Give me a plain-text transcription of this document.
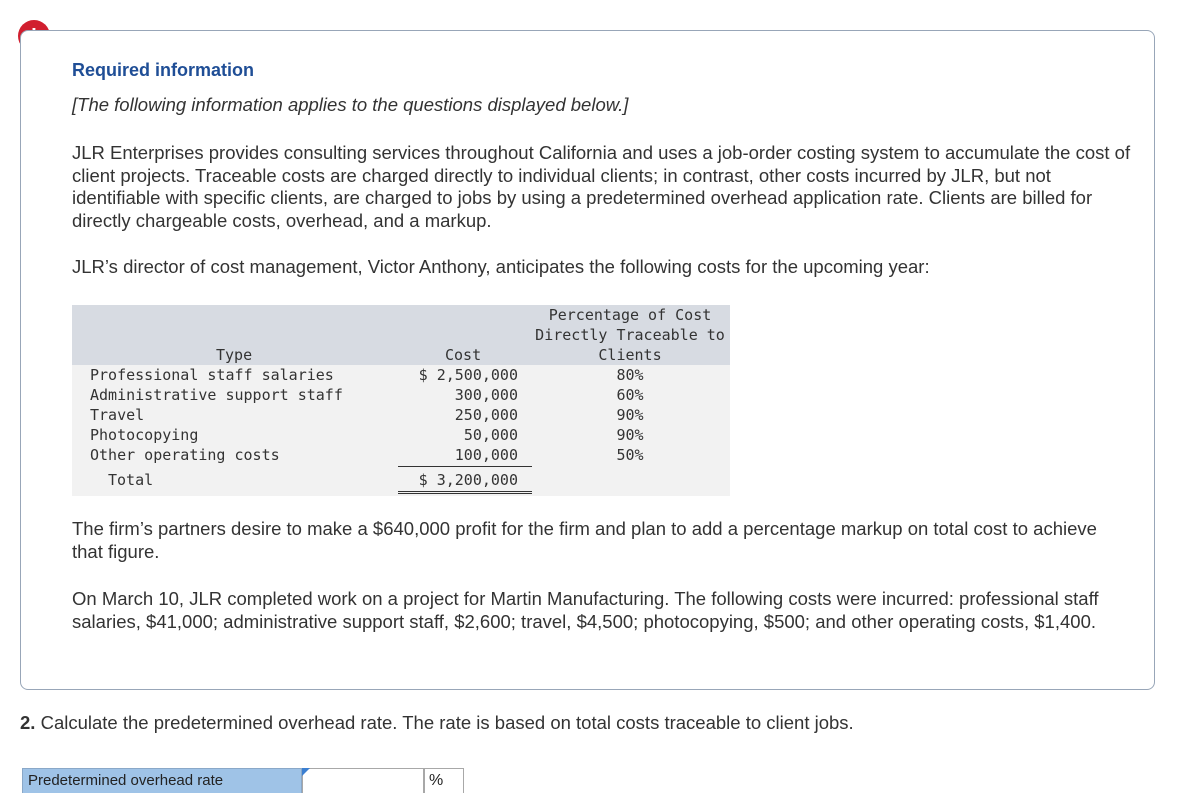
Required information
[The following information applies to the questions displayed below.]
JLR Enterprises provides consulting services throughout California and uses a job-order costing system to accumulate the cost of client projects. Traceable costs are charged directly to individual clients; in contrast, other costs incurred by JLR, but not identifiable with specific clients, are charged to jobs by using a predetermined overhead application rate. Clients are billed for directly chargeable costs, overhead, and a markup.
JLR’s director of cost management, Victor Anthony, anticipates the following costs for the upcoming year:
Percentage of Cost
Directly Traceable to
Clients
Type	Cost
Professional staff salaries	$ 2,500,000	80%
Administrative support staff	300,000	60%
Travel	250,000	90%
Photocopying	50,000	90%
Other operating costs	100,000	50%
Total	$ 3,200,000
The firm’s partners desire to make a $640,000 profit for the firm and plan to add a percentage markup on total cost to achieve that figure.
On March 10, JLR completed work on a project for Martin Manufacturing. The following costs were incurred: professional staff salaries, $41,000; administrative support staff, $2,600; travel, $4,500; photocopying, $500; and other operating costs, $1,400.
2. Calculate the predetermined overhead rate. The rate is based on total costs traceable to client jobs.
Predetermined overhead rate	%
